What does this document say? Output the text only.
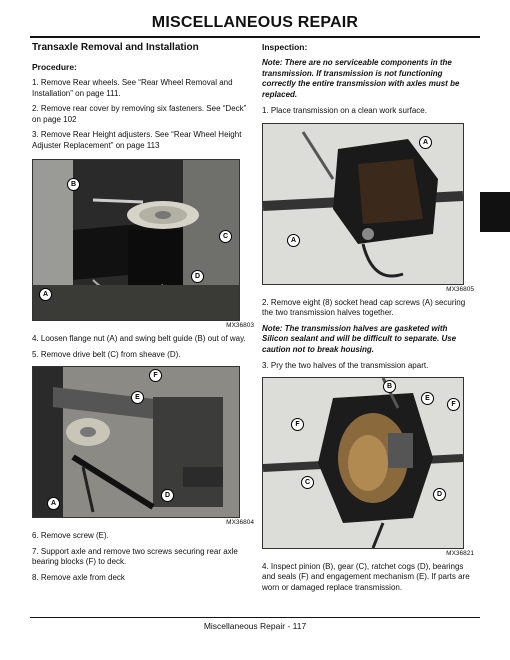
MISCELLANEOUS REPAIR
Transaxle Removal and Installation
Procedure:

1. Remove Rear wheels. See “Rear Wheel Removal and Installation” on page 111.

2. Remove rear cover by removing six fasteners. See “Deck” on page 102

3. Remove Rear Height adjusters. See “Rear Wheel Height Adjuster Replacement” on page 113

B
C
D
A
MX36803

4. Loosen flange nut (A) and swing belt guide (B) out of way.

5. Remove drive belt (C) from sheave (D).

F
E
D
A
MX36804

6. Remove screw (E).

7. Support axle and remove two screws securing rear axle bearing blocks (F) to deck.

8. Remove axle from deck

Inspection:

Note: There are no serviceable components in the transmission. If transmission is not functioning correctly the entire transmission with axles must be replaced.

1. Place transmission on a clean work surface.

A
A
MX36805

2. Remove eight (8) socket head cap screws (A) securing the two transmission halves together.

Note: The transmission halves are gasketed with Silicon sealant and will be difficult to separate. Use caution not to break housing.

3. Pry the two halves of the transmission apart.

B
E
F
F
C
D
MX36821

4. Inspect pinion (B), gear (C), ratchet cogs (D), bearings and seals (F) and engagement mechanism (E). If parts are worn or damaged replace transmission.

Miscellaneous Repair - 117
